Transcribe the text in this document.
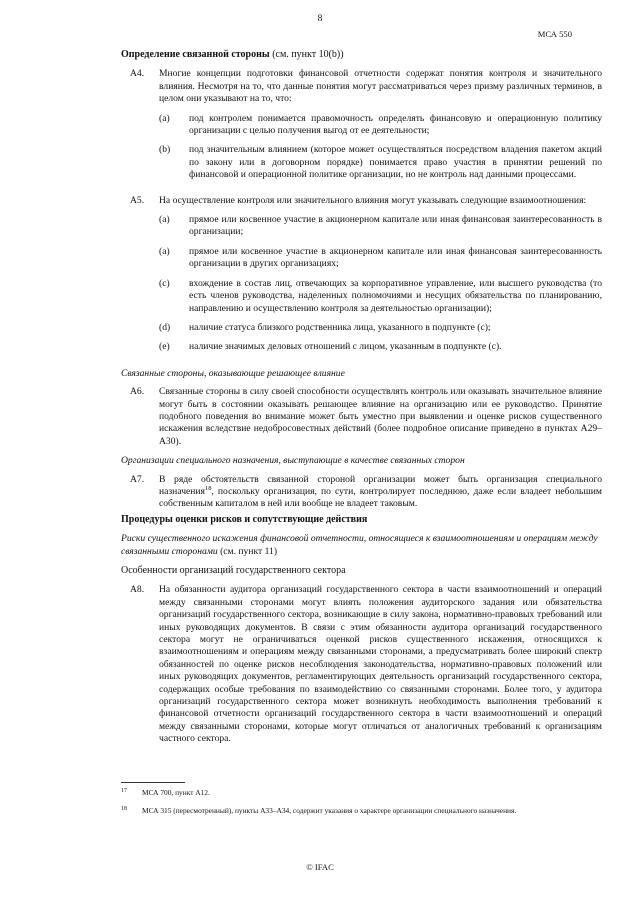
8
МСА 550
Определение связанной стороны (см. пункт 10(b))
А4.	Многие концепции подготовки финансовой отчетности содержат понятия контроля и значительного влияния. Несмотря на то, что данные понятия могут рассматриваться через призму различных терминов, в целом они указывают на то, что:
(a)	под контролем понимается правомочность определять финансовую и операционную политику организации с целью получения выгод от ее деятельности;
(b)	под значительным влиянием (которое может осуществляться посредством владения пакетом акций по закону или в договорном порядке) понимается право участия в принятии решений по финансовой и операционной политике организации, но не контроль над данными процессами.
А5.	На осуществление контроля или значительного влияния могут указывать следующие взаимоотношения:
(a)	прямое или косвенное участие в акционерном капитале или иная финансовая заинтересованность в организации;
(a)	прямое или косвенное участие в акционерном капитале или иная финансовая заинтересованность организации в других организациях;
(c)	вхождение в состав лиц, отвечающих за корпоративное управление, или высшего руководства (то есть членов руководства, наделенных полномочиями и несущих обязательства по планированию, направлению и осуществлению контроля за деятельностью организации);
(d)	наличие статуса близкого родственника лица, указанного в подпункте (c);
(e)	наличие значимых деловых отношений с лицом, указанным в подпункте (c).
Связанные стороны, оказывающие решающее влияние
А6.	Связанные стороны в силу своей способности осуществлять контроль или оказывать значительное влияние могут быть в состоянии оказывать решающее влияние на организацию или ее руководство. Принятие подобного поведения во внимание может быть уместно при выявлении и оценке рисков существенного искажения вследствие недобросовестных действий (более подробное описание приведено в пунктах А29–А30).
Организации специального назначения, выступающие в качестве связанных сторон
А7.	В ряде обстоятельств связанной стороной организации может быть организация специального назначения$^{18}$, поскольку организация, по сути, контролирует последнюю, даже если владеет небольшим собственным капиталом в ней или вообще не владеет таковым.
Процедуры оценки рисков и сопутствующие действия
Риски существенного искажения финансовой отчетности, относящиеся к взаимоотношениям и операциям между связанными сторонами (см. пункт 11)
Особенности организаций государственного сектора
А8.	На обязанности аудитора организаций государственного сектора в части взаимоотношений и операций между связанными сторонами могут влиять положения аудиторского задания или обязательства организаций государственного сектора, возникающие в силу закона, нормативно-правовых требований или иных руководящих документов. В связи с этим обязанности аудитора организаций государственного сектора могут не ограничиваться оценкой рисков существенного искажения, относящихся к взаимоотношениям и операциям между связанными сторонами, а предусматривать более широкий спектр обязанностей по оценке рисков несоблюдения законодательства, нормативно-правовых положений или иных руководящих документов, регламентирующих деятельность организаций государственного сектора, содержащих особые требования по взаимодействию со связанными сторонами. Более того, у аудитора организаций государственного сектора может возникнуть необходимость выполнения требований к финансовой отчетности организаций государственного сектора в части взаимоотношений и операций между связанными сторонами, которые могут отличаться от аналогичных требований к организациям частного сектора.
17	МСА 700, пункт А12.
18	МСА 315 (пересмотренный), пункты А33–А34, содержит указания о характере организации специального назначения.
© IFAC
